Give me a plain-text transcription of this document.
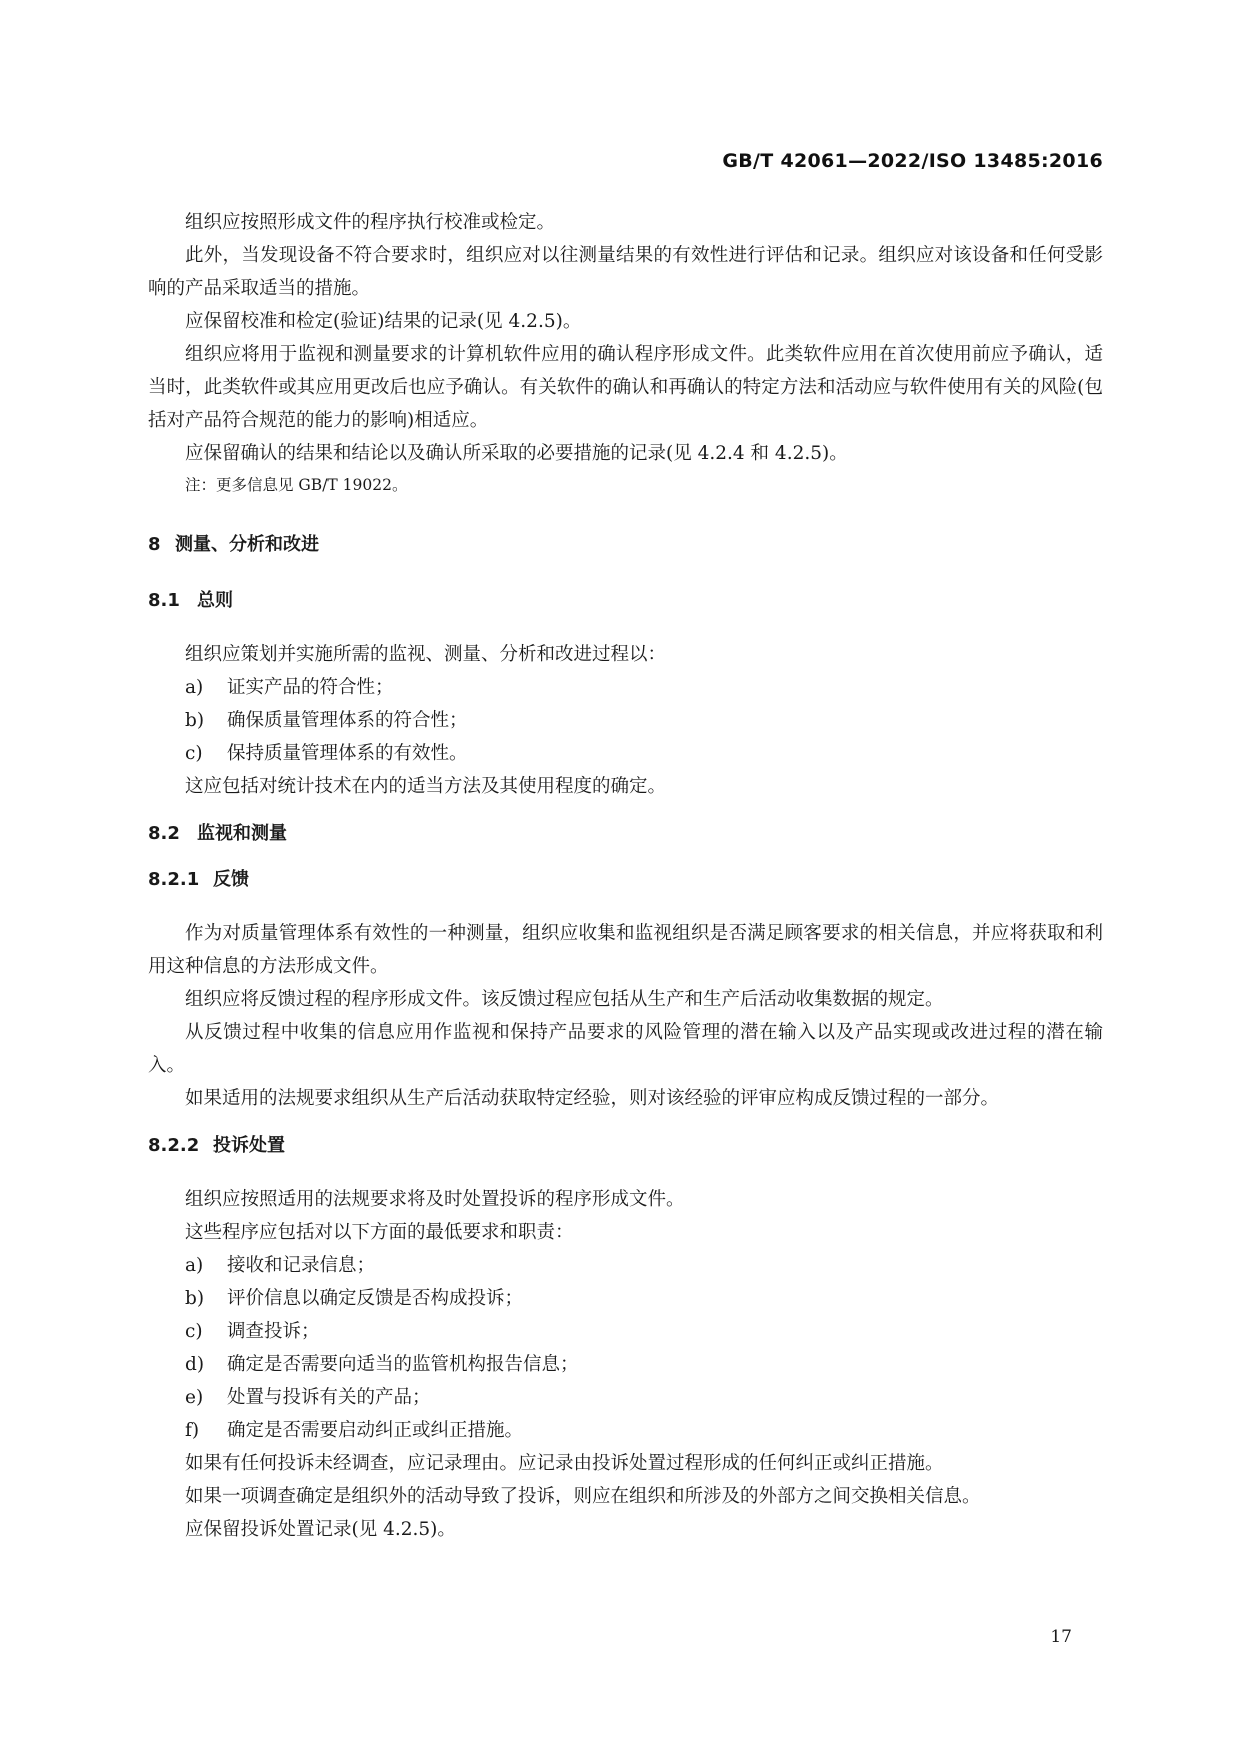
GB/T 42061—2022/ISO 13485:2016

组织应按照形成文件的程序执行校准或检定。

此外，当发现设备不符合要求时，组织应对以往测量结果的有效性进行评估和记录。组织应对该设备和任何受影响的产品采取适当的措施。

应保留校准和检定(验证)结果的记录(见 4.2.5)。

组织应将用于监视和测量要求的计算机软件应用的确认程序形成文件。此类软件应用在首次使用前应予确认，适当时，此类软件或其应用更改后也应予确认。有关软件的确认和再确认的特定方法和活动应与软件使用有关的风险(包括对产品符合规范的能力的影响)相适应。

应保留确认的结果和结论以及确认所采取的必要措施的记录(见 4.2.4 和 4.2.5)。

注：更多信息见 GB/T 19022。

8 测量、分析和改进
8.1 总则

组织应策划并实施所需的监视、测量、分析和改进过程以：

a) 证实产品的符合性；
b) 确保质量管理体系的符合性；
c) 保持质量管理体系的有效性。

这应包括对统计技术在内的适当方法及其使用程度的确定。

8.2 监视和测量
8.2.1 反馈

作为对质量管理体系有效性的一种测量，组织应收集和监视组织是否满足顾客要求的相关信息，并应将获取和利用这种信息的方法形成文件。

组织应将反馈过程的程序形成文件。该反馈过程应包括从生产和生产后活动收集数据的规定。

从反馈过程中收集的信息应用作监视和保持产品要求的风险管理的潜在输入以及产品实现或改进过程的潜在输入。

如果适用的法规要求组织从生产后活动获取特定经验，则对该经验的评审应构成反馈过程的一部分。

8.2.2 投诉处置

组织应按照适用的法规要求将及时处置投诉的程序形成文件。

这些程序应包括对以下方面的最低要求和职责：

a) 接收和记录信息；
b) 评价信息以确定反馈是否构成投诉；
c) 调查投诉；
d) 确定是否需要向适当的监管机构报告信息；
e) 处置与投诉有关的产品；
f) 确定是否需要启动纠正或纠正措施。

如果有任何投诉未经调查，应记录理由。应记录由投诉处置过程形成的任何纠正或纠正措施。

如果一项调查确定是组织外的活动导致了投诉，则应在组织和所涉及的外部方之间交换相关信息。

应保留投诉处置记录(见 4.2.5)。

17
